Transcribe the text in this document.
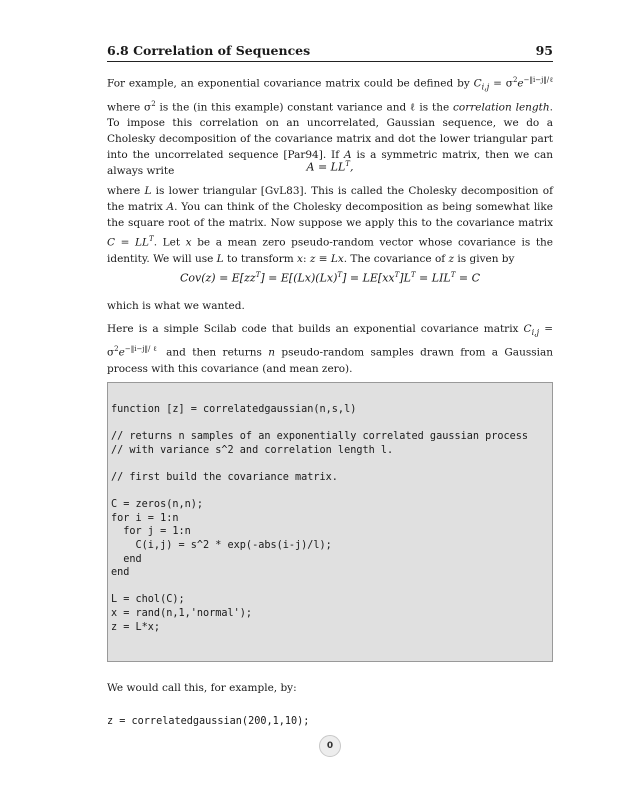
6.8 Correlation of Sequences	95
For example, an exponential covariance matrix could be defined by $C_{i,j} = \sigma^2e^{-‖i-j‖/\ell}$ where $\sigma^2$ is the (in this example) constant variance and ℓ is the correlation length. To impose this correlation on an uncorrelated, Gaussian sequence, we do a Cholesky decomposition of the covariance matrix and dot the lower triangular part into the uncorrelated sequence [Par94]. If A is a symmetric matrix, then we can always write	$A = LL^T$,
where L is lower triangular [GvL83]. This is called the Cholesky decomposition of the matrix A. You can think of the Cholesky decomposition as being somewhat like the square root of the matrix. Now suppose we apply this to the covariance matrix $C = LL^T$. Let x be a mean zero pseudo-random vector whose covariance is the identity. We will use L to transform x: z ≡ Lx. The covariance of z is given by
$Cov(z) = E[zz^T] = E[(Lx)(Lx)^T] = LE[xx^T]L^T = LIL^T = C$
which is what we wanted.
Here is a simple Scilab code that builds an exponential covariance matrix $C_{i,j} = \sigma^2e^{-‖i-j‖/\ell}$ and then returns n pseudo-random samples drawn from a Gaussian process with this covariance (and mean zero).
function [z] = correlatedgaussian(n,s,l)
// returns n samples of an exponentially correlated gaussian process
// with variance s^2 and correlation length l.
// first build the covariance matrix.
C = zeros(n,n);
for i = 1:n
for j = 1:n
C(i,j) = s^2 * exp(-abs(i-j)/l);
end
end
L = chol(C);
x = rand(n,1,'normal');
z = L*x;
We would call this, for example, by:
z = correlatedgaussian(200,1,10);
0
